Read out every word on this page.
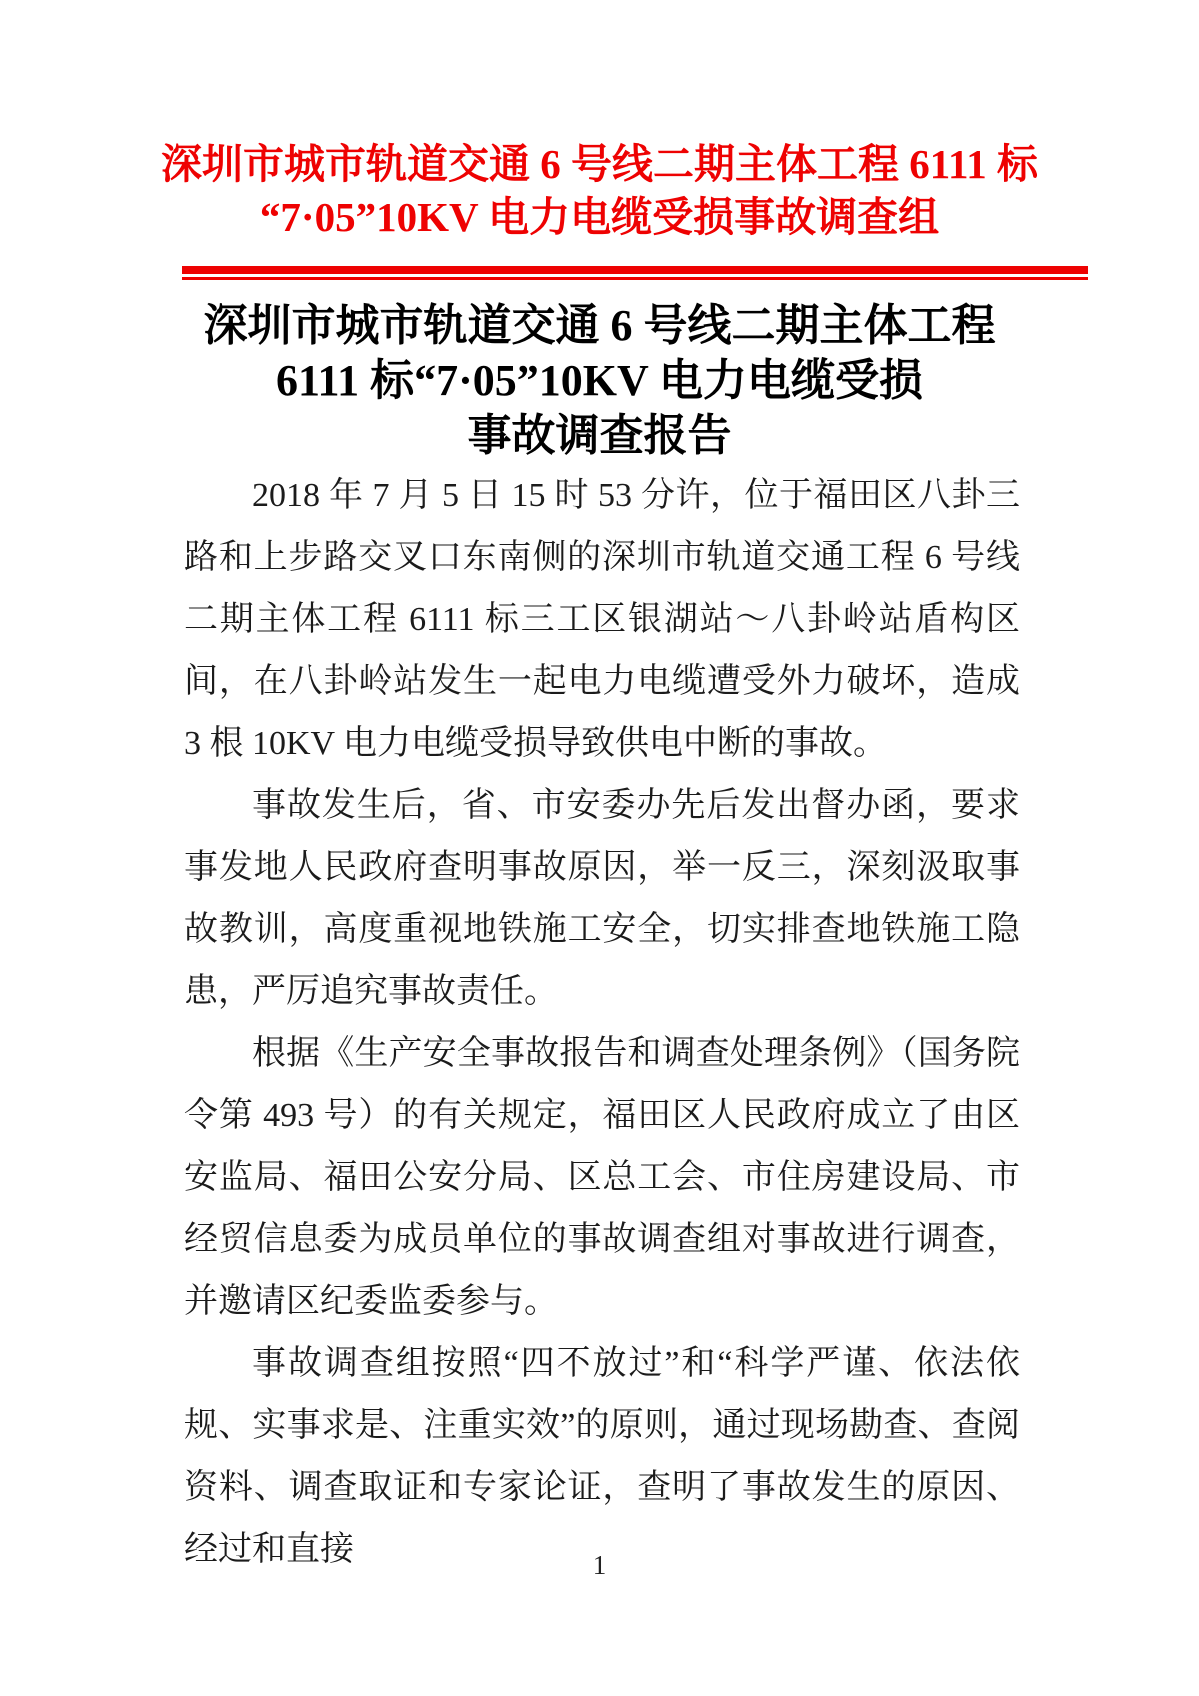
深圳市城市轨道交通 6 号线二期主体工程 6111 标
“7·05”10KV 电力电缆受损事故调查组
深圳市城市轨道交通 6 号线二期主体工程
6111 标“7·05”10KV 电力电缆受损
事故调查报告

2018 年 7 月 5 日 15 时 53 分许，位于福田区八卦三路和上步路交叉口东南侧的深圳市轨道交通工程 6 号线二期主体工程 6111 标三工区银湖站～八卦岭站盾构区间，在八卦岭站发生一起电力电缆遭受外力破坏，造成 3 根 10KV 电力电缆受损导致供电中断的事故。

事故发生后，省、市安委办先后发出督办函，要求事发地人民政府查明事故原因，举一反三，深刻汲取事故教训，高度重视地铁施工安全，切实排查地铁施工隐患，严厉追究事故责任。

根据《生产安全事故报告和调查处理条例》（国务院令第 493 号）的有关规定，福田区人民政府成立了由区安监局、福田公安分局、区总工会、市住房建设局、市经贸信息委为成员单位的事故调查组对事故进行调查，并邀请区纪委监委参与。

事故调查组按照“四不放过”和“科学严谨、依法依规、实事求是、注重实效”的原则，通过现场勘查、查阅资料、调查取证和专家论证，查明了事故发生的原因、经过和直接	1
